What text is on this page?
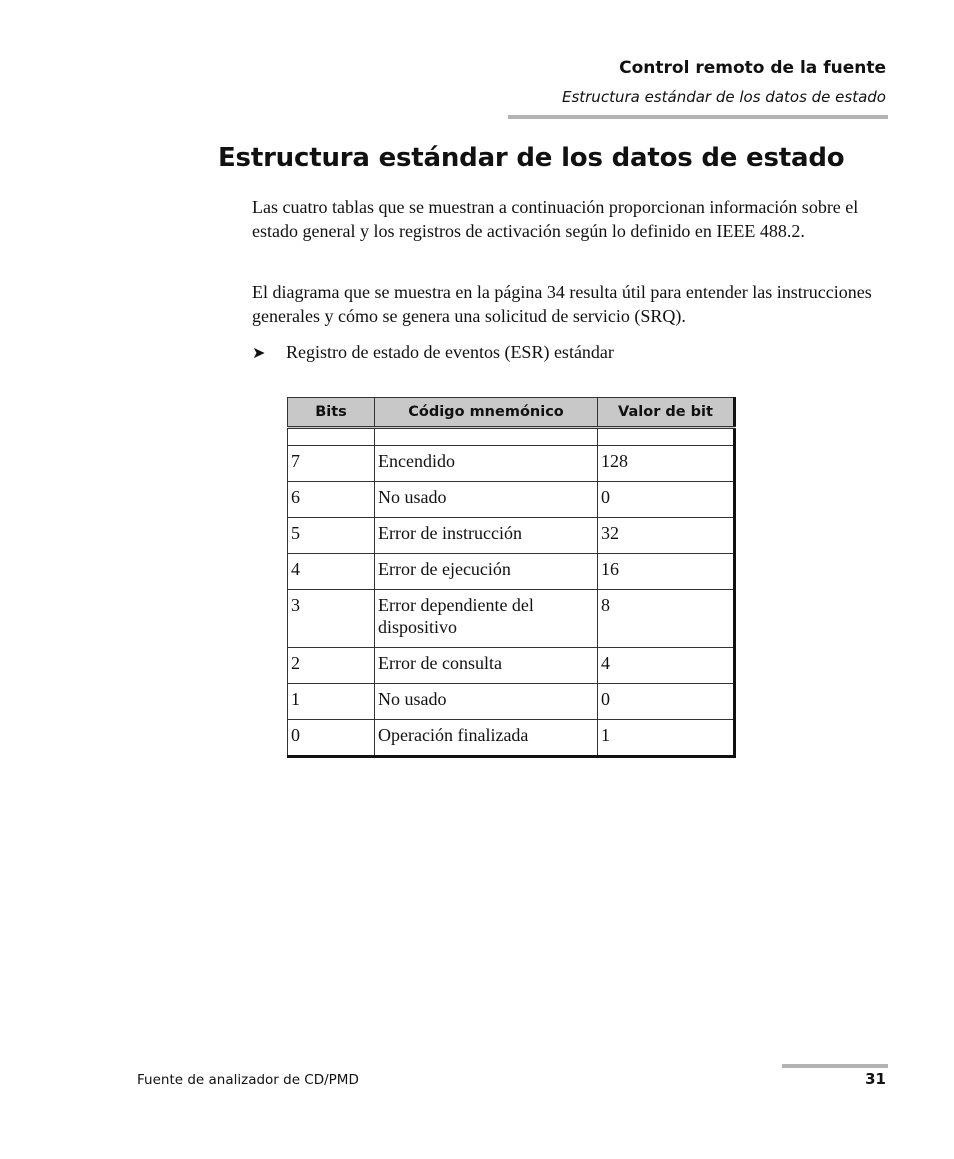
Control remoto de la fuente
Estructura estándar de los datos de estado
Estructura estándar de los datos de estado

Las cuatro tablas que se muestran a continuación proporcionan información sobre el estado general y los registros de activación según lo definido en IEEE 488.2.

El diagrama que se muestra en la página 34 resulta útil para entender las instrucciones generales y cómo se genera una solicitud de servicio (SRQ).

➤ Registro de estado de eventos (ESR) estándar
Bits	Código mnemónico	Valor de bit

7	Encendido	128
6	No usado	0
5	Error de instrucción	32
4	Error de ejecución	16
3	Error dependiente del dispositivo	8
2	Error de consulta	4
1	No usado	0
0	Operación finalizada	1
Fuente de analizador de CD/PMD	31
